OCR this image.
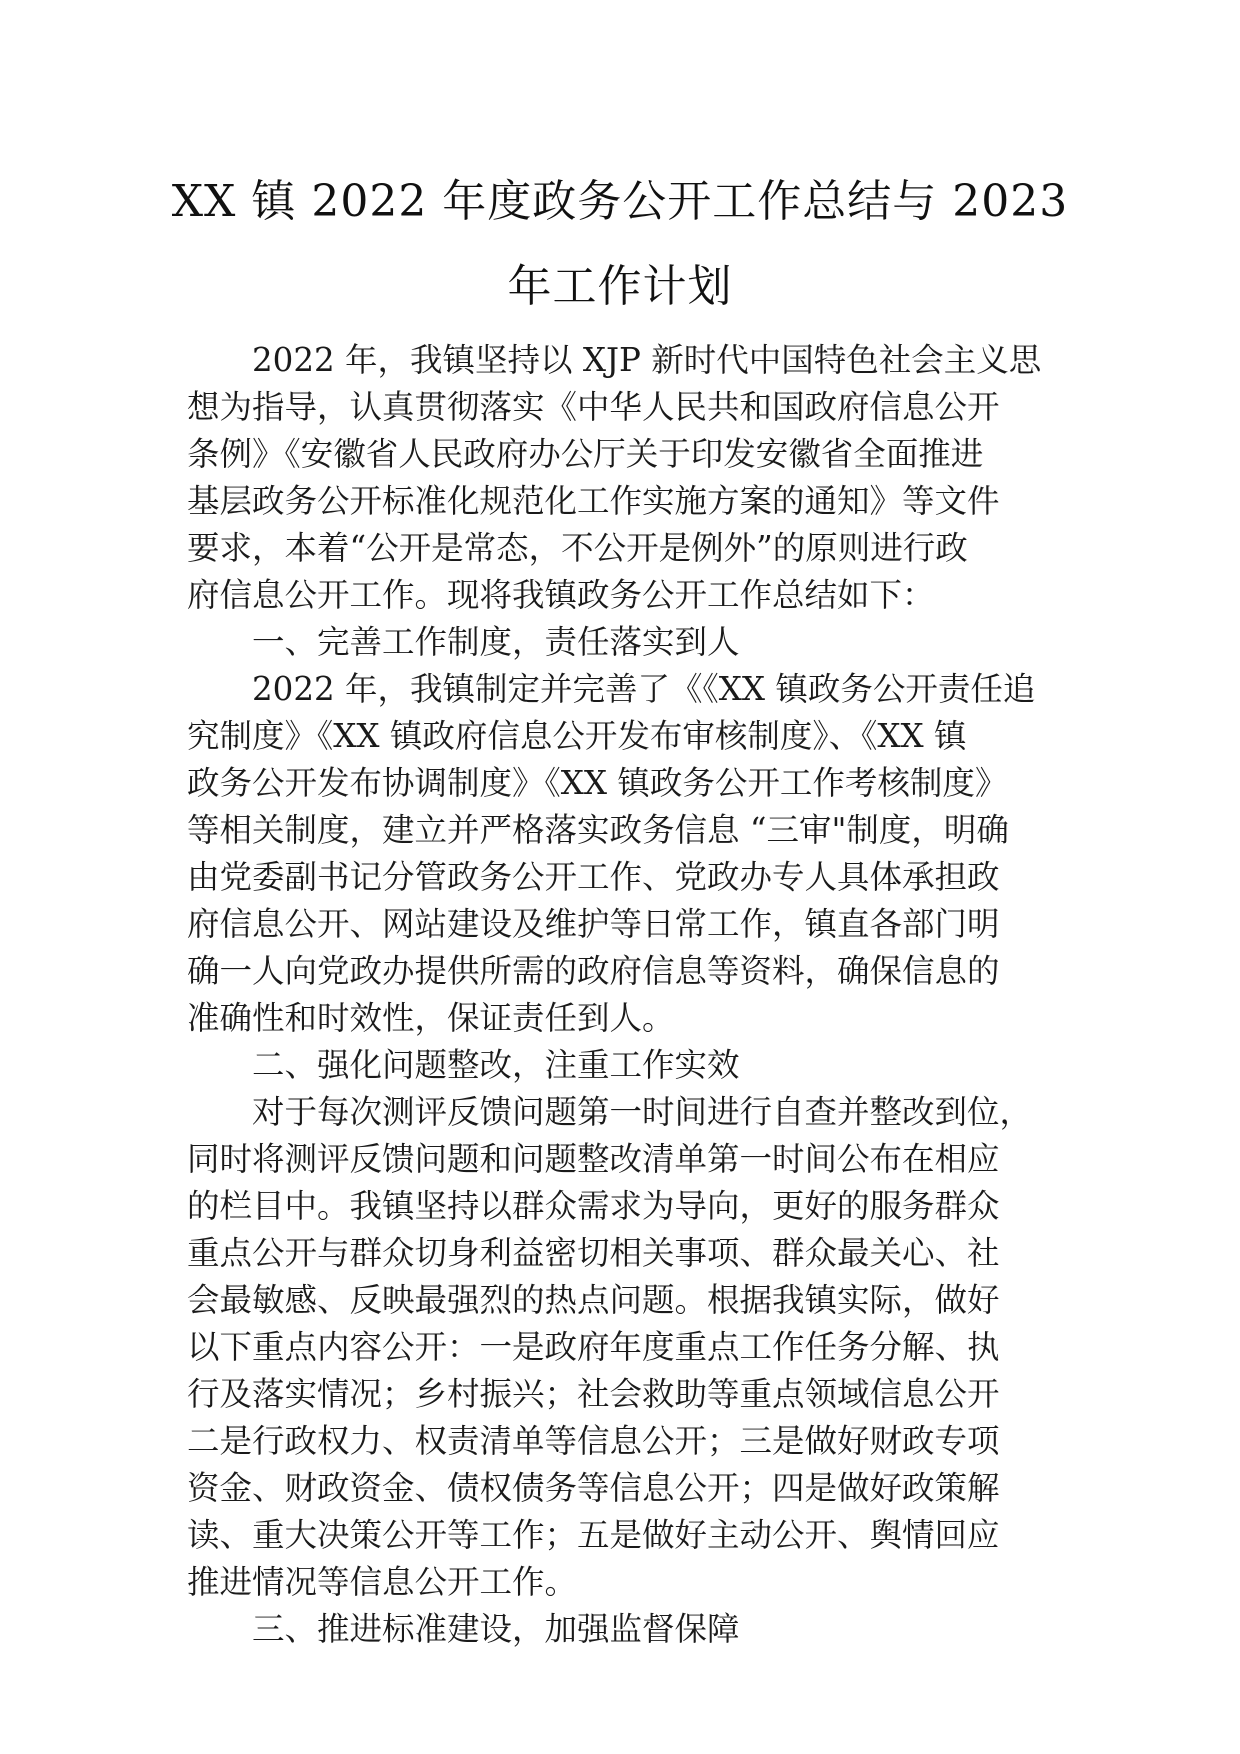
XX 镇 2022 年度政务公开工作总结与 2023
年工作计划
2022 年，我镇坚持以 XJP 新时代中国特色社会主义思
想为指导，认真贯彻落实《中华人民共和国政府信息公开
条例》《安徽省人民政府办公厅关于印发安徽省全面推进
基层政务公开标准化规范化工作实施方案的通知》等文件
要求，本着“公开是常态，不公开是例外”的原则进行政
府信息公开工作。现将我镇政务公开工作总结如下：
一、完善工作制度，责任落实到人
2022 年，我镇制定并完善了《《XX 镇政务公开责任追
究制度》《XX 镇政府信息公开发布审核制度》、《XX 镇
政务公开发布协调制度》《XX 镇政务公开工作考核制度》
等相关制度，建立并严格落实政务信息 “三审"制度，明确
由党委副书记分管政务公开工作、党政办专人具体承担政
府信息公开、网站建设及维护等日常工作，镇直各部门明
确一人向党政办提供所需的政府信息等资料，确保信息的
准确性和时效性，保证责任到人。
二、强化问题整改，注重工作实效
对于每次测评反馈问题第一时间进行自查并整改到位，
同时将测评反馈问题和问题整改清单第一时间公布在相应
的栏目中。我镇坚持以群众需求为导向，更好的服务群众
重点公开与群众切身利益密切相关事项、群众最关心、社
会最敏感、反映最强烈的热点问题。根据我镇实际，做好
以下重点内容公开：一是政府年度重点工作任务分解、执
行及落实情况；乡村振兴；社会救助等重点领域信息公开
二是行政权力、权责清单等信息公开；三是做好财政专项
资金、财政资金、债权债务等信息公开；四是做好政策解
读、重大决策公开等工作；五是做好主动公开、舆情回应
推进情况等信息公开工作。
三、推进标准建设，加强监督保障
